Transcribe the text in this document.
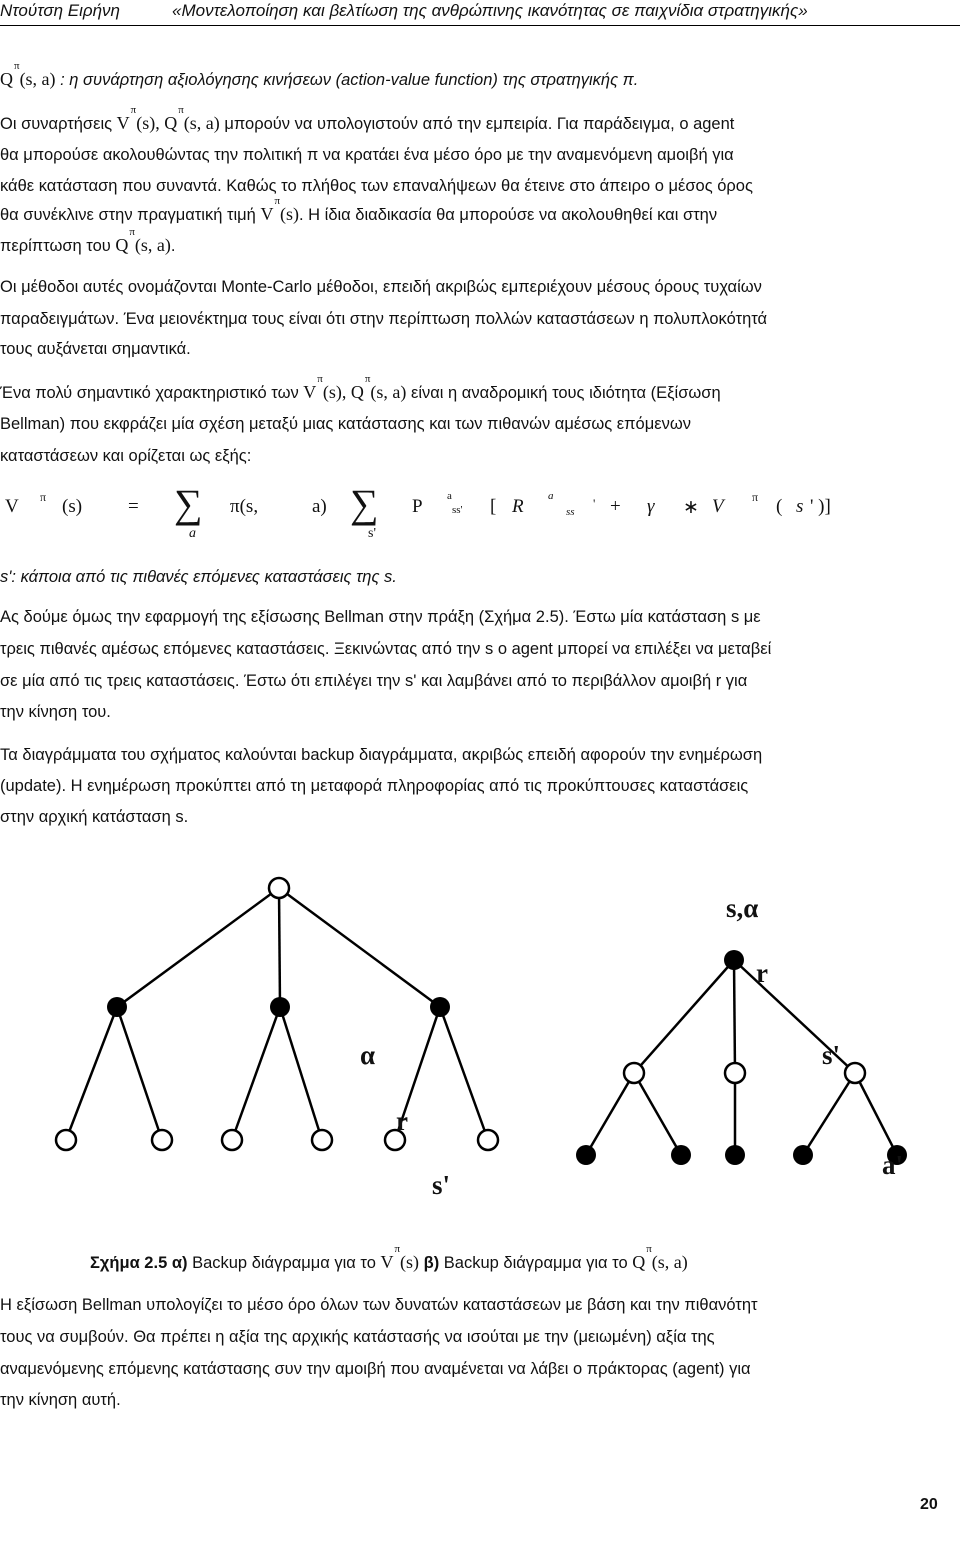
Ντούτση Ειρήνη	«Μοντελοποίηση και βελτίωση της ανθρώπινης ικανότητας σε παιχνίδια στρατηγικής»
$Q^\pi(s$, a) : η συνάρτηση αξιολόγησης κινήσεων (action-value function) της στρατηγικής π.
Οι συναρτήσεις $V^\pi(s)$, $Q^\pi(s$, a) μπορούν να υπολογιστούν από την εμπειρία. Για παράδειγμα, ο agent
θα μπορούσε ακολουθώντας την πολιτική π να κρατάει ένα μέσο όρο με την αναμενόμενη αμοιβή για
κάθε κατάσταση που συναντά. Καθώς το πλήθος των επαναλήψεων θα έτεινε στο άπειρο ο μέσος όρος
θα συνέκλινε στην πραγματική τιμή $V^\pi(s)$. Η ίδια διαδικασία θα μπορούσε να ακολουθηθεί και στην
περίπτωση του $Q^\pi(s$, a).
Οι μέθοδοι αυτές ονομάζονται Monte-Carlo μέθοδοι, επειδή ακριβώς εμπεριέχουν μέσους όρους τυχαίων
παραδειγμάτων. Ένα μειονέκτημα τους είναι ότι στην περίπτωση πολλών καταστάσεων η πολυπλοκότητά
τους αυξάνεται σημαντικά.
Ένα πολύ σημαντικό χαρακτηριστικό των $V^\pi(s)$, $Q^\pi(s$, a) είναι η αναδρομική τους ιδιότητα (Εξίσωση
Bellman) που εκφράζει μία σχέση μεταξύ μιας κατάστασης και των πιθανών αμέσως επόμενων
καταστάσεων και ορίζεται ως εξής:
V π (s) = ∑
a
π(s,	a) ∑
s'
P a
ss' [ R a
ss
' + γ ∗ V π ( s ' )]
s': κάποια από τις πιθανές επόμενες καταστάσεις της s.
Ας δούμε όμως την εφαρμογή της εξίσωσης Bellman στην πράξη (Σχήμα 2.5). Έστω μία κατάσταση s με
τρεις πιθανές αμέσως επόμενες καταστάσεις. Ξεκινώντας από την s ο agent μπορεί να επιλέξει να μεταβεί
σε μία από τις τρεις καταστάσεις. Έστω ότι επιλέγει την s' και λαμβάνει από το περιβάλλον αμοιβή r για
την κίνηση του.
Τα διαγράμματα του σχήματος καλούνται backup διαγράμματα, ακριβώς επειδή αφορούν την ενημέρωση
(update). Η ενημέρωση προκύπτει από τη μεταφορά πληροφορίας από τις προκύπτουσες καταστάσεις
στην αρχική κατάσταση s.
s,α
r
α	s'
r
s'
a'
Σχήμα 2.5 α) Backup διάγραμμα για το $V^\pi(s)$ β) Backup διάγραμμα για το $Q^\pi(s$, a)
Η εξίσωση Bellman υπολογίζει το μέσο όρο όλων των δυνατών καταστάσεων με βάση και την πιθανότητ
τους να συμβούν. Θα πρέπει η αξία της αρχικής κατάστασής να ισούται με την (μειωμένη) αξία της
αναμενόμενης επόμενης κατάστασης συν την αμοιβή που αναμένεται να λάβει ο πράκτορας (agent) για
την κίνηση αυτή.
20
